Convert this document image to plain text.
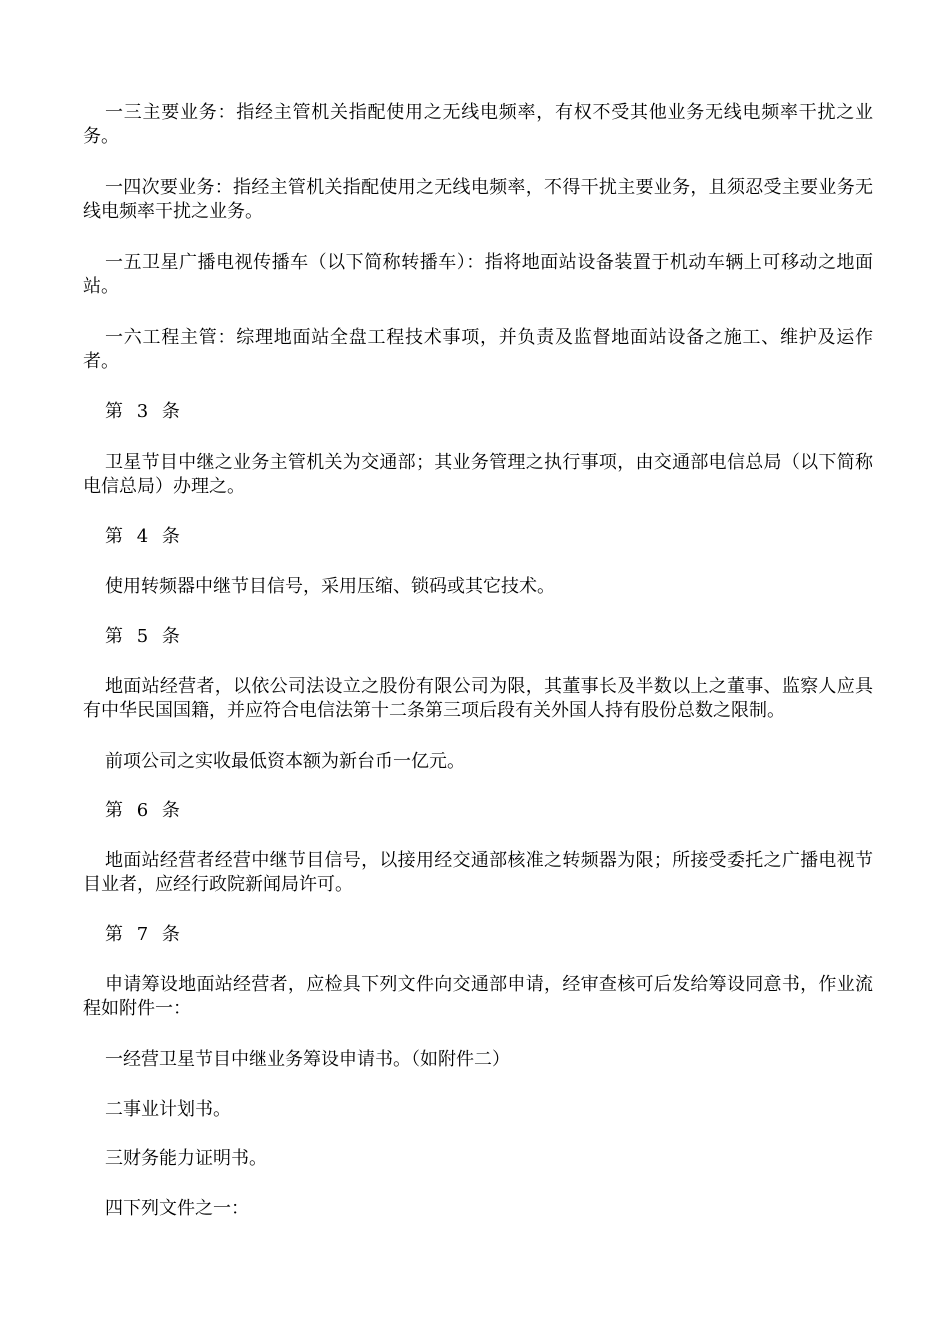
一三主要业务：指经主管机关指配使用之无线电频率，有权不受其他业务无线电频率干扰之业务。

一四次要业务：指经主管机关指配使用之无线电频率，不得干扰主要业务，且须忍受主要业务无线电频率干扰之业务。

一五卫星广播电视传播车（以下简称转播车）：指将地面站设备装置于机动车辆上可移动之地面站。

一六工程主管：综理地面站全盘工程技术事项，并负责及监督地面站设备之施工、维护及运作者。

第 3 条

卫星节目中继之业务主管机关为交通部；其业务管理之执行事项，由交通部电信总局（以下简称电信总局）办理之。

第 4 条

使用转频器中继节目信号，采用压缩、锁码或其它技术。

第 5 条

地面站经营者，以依公司法设立之股份有限公司为限，其董事长及半数以上之董事、监察人应具有中华民国国籍，并应符合电信法第十二条第三项后段有关外国人持有股份总数之限制。

前项公司之实收最低资本额为新台币一亿元。

第 6 条

地面站经营者经营中继节目信号，以接用经交通部核准之转频器为限；所接受委托之广播电视节目业者，应经行政院新闻局许可。

第 7 条

申请筹设地面站经营者，应检具下列文件向交通部申请，经审查核可后发给筹设同意书，作业流程如附件一：

一经营卫星节目中继业务筹设申请书。（如附件二）

二事业计划书。

三财务能力证明书。

四下列文件之一：
